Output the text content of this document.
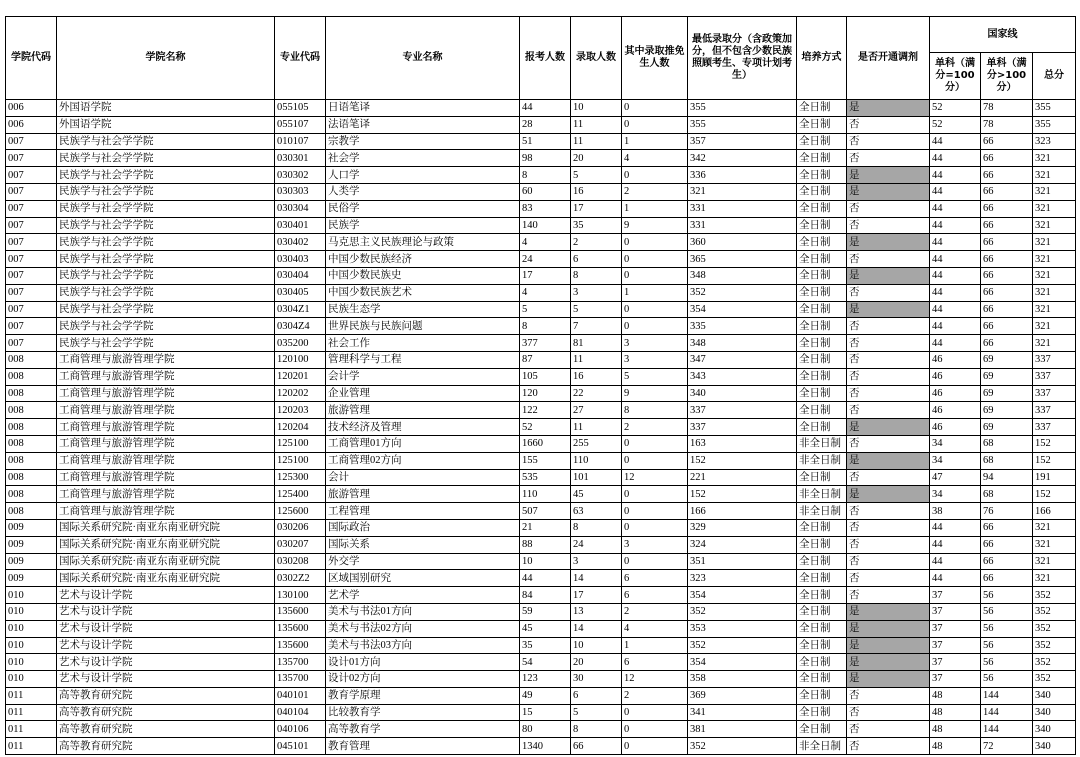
学院代码	学院名称	专业代码	专业名称	报考人数	录取人数	其中录取推免生人数	最低录取分（含政策加分，但不包含少数民族照顾考生、专项计划考生）	培养方式	是否开通调剂	国家线		
										单科（满分=100分）	单科（满分>100分）	总分
006	外国语学院	055105	日语笔译	44	10	0	355	全日制	是	52	78	355
006	外国语学院	055107	法语笔译	28	11	0	355	全日制	否	52	78	355
007	民族学与社会学学院	010107	宗教学	51	11	1	357	全日制	否	44	66	323
007	民族学与社会学学院	030301	社会学	98	20	4	342	全日制	否	44	66	321
007	民族学与社会学学院	030302	人口学	8	5	0	336	全日制	是	44	66	321
007	民族学与社会学学院	030303	人类学	60	16	2	321	全日制	是	44	66	321
007	民族学与社会学学院	030304	民俗学	83	17	1	331	全日制	否	44	66	321
007	民族学与社会学学院	030401	民族学	140	35	9	331	全日制	否	44	66	321
007	民族学与社会学学院	030402	马克思主义民族理论与政策	4	2	0	360	全日制	是	44	66	321
007	民族学与社会学学院	030403	中国少数民族经济	24	6	0	365	全日制	否	44	66	321
007	民族学与社会学学院	030404	中国少数民族史	17	8	0	348	全日制	是	44	66	321
007	民族学与社会学学院	030405	中国少数民族艺术	4	3	1	352	全日制	否	44	66	321
007	民族学与社会学学院	0304Z1	民族生态学	5	5	0	354	全日制	是	44	66	321
007	民族学与社会学学院	0304Z4	世界民族与民族问题	8	7	0	335	全日制	否	44	66	321
007	民族学与社会学学院	035200	社会工作	377	81	3	348	全日制	否	44	66	321
008	工商管理与旅游管理学院	120100	管理科学与工程	87	11	3	347	全日制	否	46	69	337
008	工商管理与旅游管理学院	120201	会计学	105	16	5	343	全日制	否	46	69	337
008	工商管理与旅游管理学院	120202	企业管理	120	22	9	340	全日制	否	46	69	337
008	工商管理与旅游管理学院	120203	旅游管理	122	27	8	337	全日制	否	46	69	337
008	工商管理与旅游管理学院	120204	技术经济及管理	52	11	2	337	全日制	是	46	69	337
008	工商管理与旅游管理学院	125100	工商管理01方向	1660	255	0	163	非全日制	否	34	68	152
008	工商管理与旅游管理学院	125100	工商管理02方向	155	110	0	152	非全日制	是	34	68	152
008	工商管理与旅游管理学院	125300	会计	535	101	12	221	全日制	否	47	94	191
008	工商管理与旅游管理学院	125400	旅游管理	110	45	0	152	非全日制	是	34	68	152
008	工商管理与旅游管理学院	125600	工程管理	507	63	0	166	非全日制	否	38	76	166
009	国际关系研究院·南亚东南亚研究院	030206	国际政治	21	8	0	329	全日制	否	44	66	321
009	国际关系研究院·南亚东南亚研究院	030207	国际关系	88	24	3	324	全日制	否	44	66	321
009	国际关系研究院·南亚东南亚研究院	030208	外交学	10	3	0	351	全日制	否	44	66	321
009	国际关系研究院·南亚东南亚研究院	0302Z2	区域国别研究	44	14	6	323	全日制	否	44	66	321
010	艺术与设计学院	130100	艺术学	84	17	6	354	全日制	否	37	56	352
010	艺术与设计学院	135600	美术与书法01方向	59	13	2	352	全日制	是	37	56	352
010	艺术与设计学院	135600	美术与书法02方向	45	14	4	353	全日制	是	37	56	352
010	艺术与设计学院	135600	美术与书法03方向	35	10	1	352	全日制	是	37	56	352
010	艺术与设计学院	135700	设计01方向	54	20	6	354	全日制	是	37	56	352
010	艺术与设计学院	135700	设计02方向	123	30	12	358	全日制	是	37	56	352
011	高等教育研究院	040101	教育学原理	49	6	2	369	全日制	否	48	144	340
011	高等教育研究院	040104	比较教育学	15	5	0	341	全日制	否	48	144	340
011	高等教育研究院	040106	高等教育学	80	8	0	381	全日制	否	48	144	340
011	高等教育研究院	045101	教育管理	1340	66	0	352	非全日制	否	48	72	340
